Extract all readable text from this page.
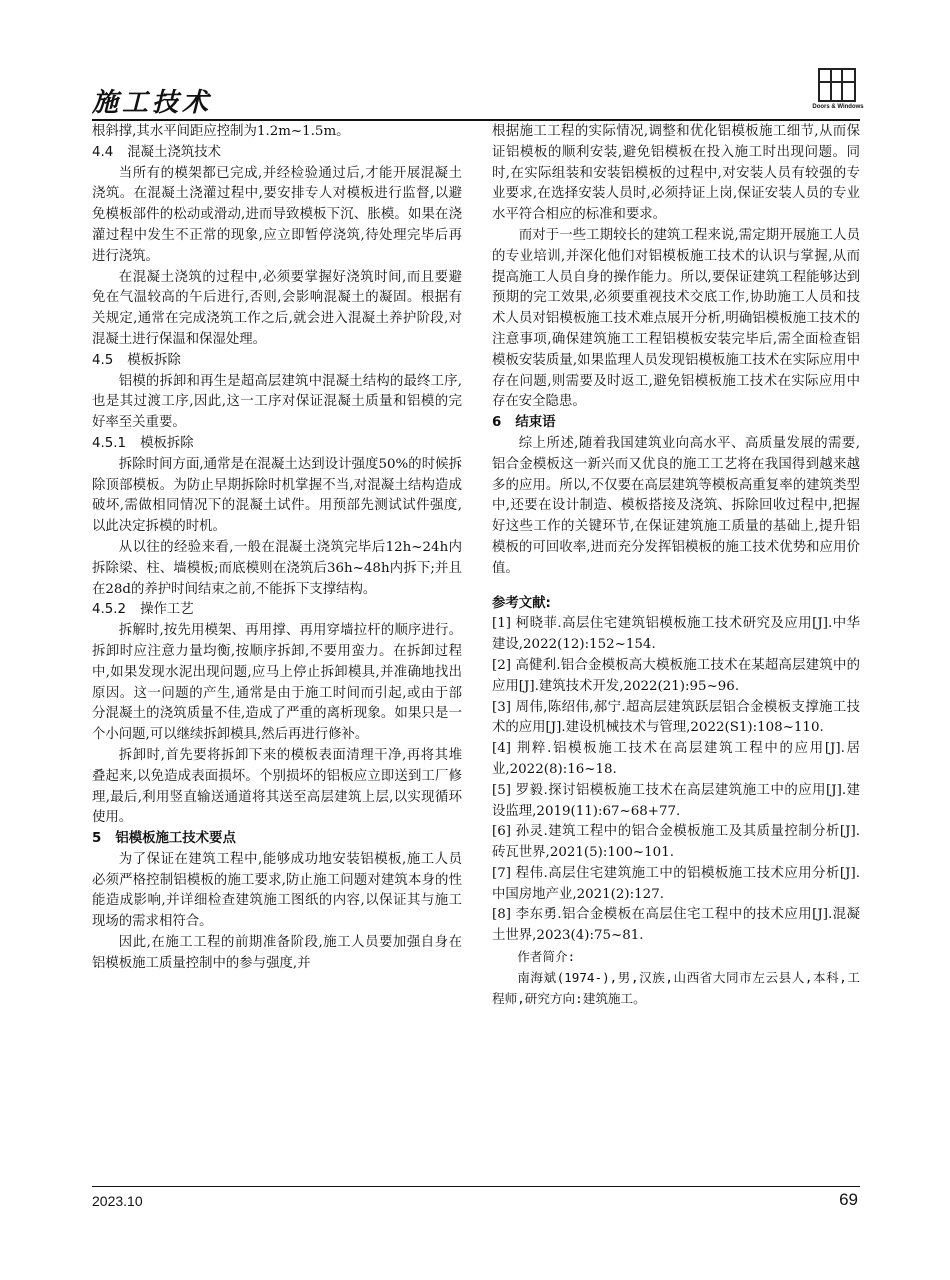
施工技术	Doors & Windows

根斜撑,其水平间距应控制为1.2m~1.5m。

4.4 混凝土浇筑技术

当所有的模架都已完成,并经检验通过后,才能开展混凝土浇筑。在混凝土浇灌过程中,要安排专人对模板进行监督,以避免模板部件的松动或滑动,进而导致模板下沉、胀模。如果在浇灌过程中发生不正常的现象,应立即暂停浇筑,待处理完毕后再进行浇筑。

在混凝土浇筑的过程中,必须要掌握好浇筑时间,而且要避免在气温较高的午后进行,否则,会影响混凝土的凝固。根据有关规定,通常在完成浇筑工作之后,就会进入混凝土养护阶段,对混凝土进行保温和保湿处理。

4.5 模板拆除

铝模的拆卸和再生是超高层建筑中混凝土结构的最终工序,也是其过渡工序,因此,这一工序对保证混凝土质量和铝模的完好率至关重要。

4.5.1 模板拆除

拆除时间方面,通常是在混凝土达到设计强度50%的时候拆除顶部模板。为防止早期拆除时机掌握不当,对混凝土结构造成破坏,需做相同情况下的混凝土试件。用预部先测试试件强度,以此决定拆模的时机。

从以往的经验来看,一般在混凝土浇筑完毕后12h~24h内拆除梁、柱、墙模板;而底模则在浇筑后36h~48h内拆下;并且在28d的养护时间结束之前,不能拆下支撑结构。

4.5.2 操作工艺

拆解时,按先用模架、再用撑、再用穿墙拉杆的顺序进行。拆卸时应注意力量均衡,按顺序拆卸,不要用蛮力。在拆卸过程中,如果发现水泥出现问题,应马上停止拆卸模具,并准确地找出原因。这一问题的产生,通常是由于施工时间而引起,或由于部分混凝土的浇筑质量不佳,造成了严重的离析现象。如果只是一个小问题,可以继续拆卸模具,然后再进行修补。

拆卸时,首先要将拆卸下来的模板表面清理干净,再将其堆叠起来,以免造成表面损坏。个别损坏的铝板应立即送到工厂修理,最后,利用竖直输送通道将其送至高层建筑上层,以实现循环使用。

5 铝模板施工技术要点

为了保证在建筑工程中,能够成功地安装铝模板,施工人员必须严格控制铝模板的施工要求,防止施工问题对建筑本身的性能造成影响,并详细检查建筑施工图纸的内容,以保证其与施工现场的需求相符合。

因此,在施工工程的前期准备阶段,施工人员要加强自身在铝模板施工质量控制中的参与强度,并

根据施工工程的实际情况,调整和优化铝模板施工细节,从而保证铝模板的顺利安装,避免铝模板在投入施工时出现问题。同时,在实际组装和安装铝模板的过程中,对安装人员有较强的专业要求,在选择安装人员时,必须持证上岗,保证安装人员的专业水平符合相应的标准和要求。

而对于一些工期较长的建筑工程来说,需定期开展施工人员的专业培训,并深化他们对铝模板施工技术的认识与掌握,从而提高施工人员自身的操作能力。所以,要保证建筑工程能够达到预期的完工效果,必须要重视技术交底工作,协助施工人员和技术人员对铝模板施工技术难点展开分析,明确铝模板施工技术的注意事项,确保建筑施工工程铝模板安装完毕后,需全面检查铝模板安装质量,如果监理人员发现铝模板施工技术在实际应用中存在问题,则需要及时返工,避免铝模板施工技术在实际应用中存在安全隐患。

6 结束语

综上所述,随着我国建筑业向高水平、高质量发展的需要,铝合金模板这一新兴而又优良的施工工艺将在我国得到越来越多的应用。所以,不仅要在高层建筑等模板高重复率的建筑类型中,还要在设计制造、模板搭接及浇筑、拆除回收过程中,把握好这些工作的关键环节,在保证建筑施工质量的基础上,提升铝模板的可回收率,进而充分发挥铝模板的施工技术优势和应用价值。

参考文献:
[1] 柯晓菲.高层住宅建筑铝模板施工技术研究及应用[J].中华建设,2022(12):152~154.
[2] 高健利.铝合金模板高大模板施工技术在某超高层建筑中的应用[J].建筑技术开发,2022(21):95~96.
[3] 周伟,陈绍伟,郝宁.超高层建筑跃层铝合金模板支撑施工技术的应用[J].建设机械技术与管理,2022(S1):108~110.
[4] 荆粹.铝模板施工技术在高层建筑工程中的应用[J].居业,2022(8):16~18.
[5] 罗毅.探讨铝模板施工技术在高层建筑施工中的应用[J].建设监理,2019(11):67~68+77.
[6] 孙灵.建筑工程中的铝合金模板施工及其质量控制分析[J].砖瓦世界,2021(5):100~101.
[7] 程伟.高层住宅建筑施工中的铝模板施工技术应用分析[J].中国房地产业,2021(2):127.
[8] 李东勇.铝合金模板在高层住宅工程中的技术应用[J].混凝土世界,2023(4):75~81.
作者简介:
南海斌(1974-),男,汉族,山西省大同市左云县人,本科,工程师,研究方向:建筑施工。
2023.10	69
